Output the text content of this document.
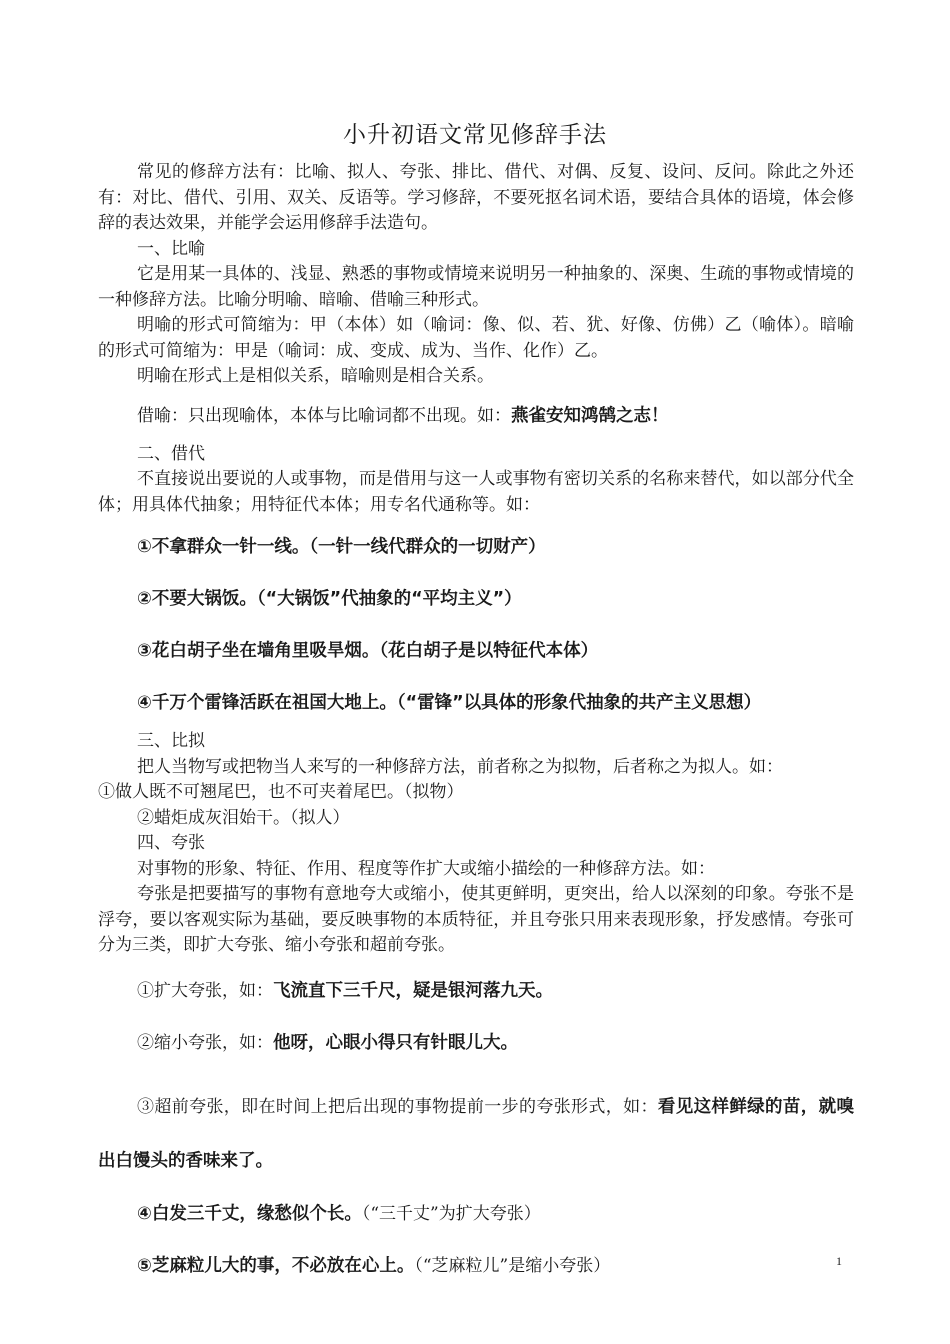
小升初语文常见修辞手法

常见的修辞方法有：比喻、拟人、夸张、排比、借代、对偶、反复、设问、反问。除此之外还有：对比、借代、引用、双关、反语等。学习修辞，不要死抠名词术语，要结合具体的语境，体会修辞的表达效果，并能学会运用修辞手法造句。

一、比喻

它是用某一具体的、浅显、熟悉的事物或情境来说明另一种抽象的、深奥、生疏的事物或情境的一种修辞方法。比喻分明喻、暗喻、借喻三种形式。

明喻的形式可简缩为：甲（本体）如（喻词：像、似、若、犹、好像、仿佛）乙（喻体）。暗喻的形式可简缩为：甲是（喻词：成、变成、成为、当作、化作）乙。

明喻在形式上是相似关系，暗喻则是相合关系。

借喻：只出现喻体，本体与比喻词都不出现。如：燕雀安知鸿鹄之志！

二、借代

不直接说出要说的人或事物，而是借用与这一人或事物有密切关系的名称来替代，如以部分代全体；用具体代抽象；用特征代本体；用专名代通称等。如：

①不拿群众一针一线。（一针一线代群众的一切财产）

②不要大锅饭。（“大锅饭”代抽象的“平均主义”）

③花白胡子坐在墙角里吸旱烟。（花白胡子是以特征代本体）

④千万个雷锋活跃在祖国大地上。（“雷锋”以具体的形象代抽象的共产主义思想）

三、比拟

把人当物写或把物当人来写的一种修辞方法，前者称之为拟物，后者称之为拟人。如：

①做人既不可翘尾巴，也不可夹着尾巴。（拟物）

②蜡炬成灰泪始干。（拟人）

四、夸张

对事物的形象、特征、作用、程度等作扩大或缩小描绘的一种修辞方法。如：

夸张是把要描写的事物有意地夸大或缩小，使其更鲜明，更突出，给人以深刻的印象。夸张不是浮夸，要以客观实际为基础，要反映事物的本质特征，并且夸张只用来表现形象，抒发感情。夸张可分为三类，即扩大夸张、缩小夸张和超前夸张。

①扩大夸张，如：飞流直下三千尺，疑是银河落九天。

②缩小夸张，如：他呀，心眼小得只有针眼儿大。

③超前夸张，即在时间上把后出现的事物提前一步的夸张形式，如：看见这样鲜绿的苗，就嗅出白馒头的香味来了。

④白发三千丈，缘愁似个长。（“三千丈”为扩大夸张）

⑤芝麻粒儿大的事，不必放在心上。（“芝麻粒儿”是缩小夸张）	1
